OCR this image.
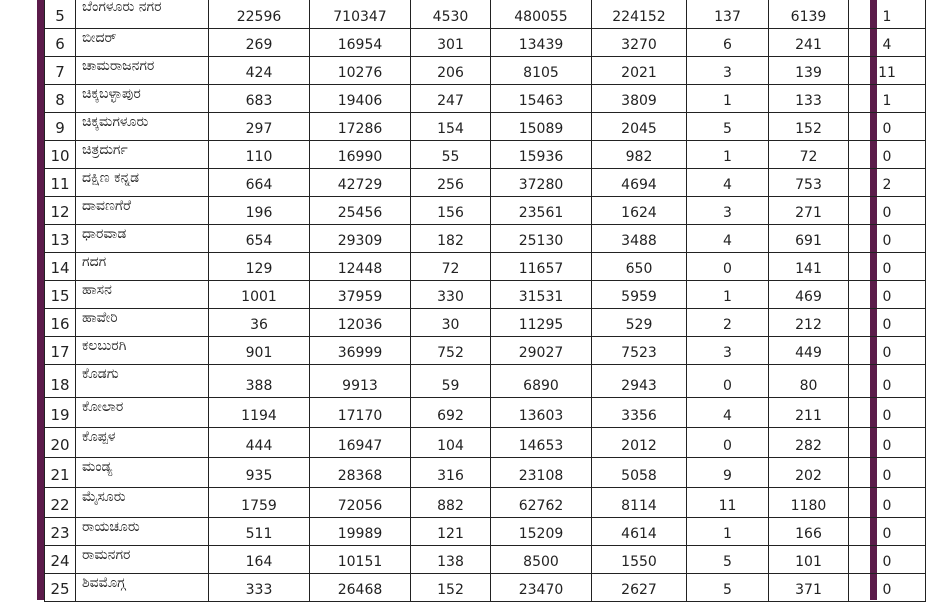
5	ಬೆಂಗಳೂರು ನಗರ	22596	710347	4530	480055	224152	137	6139	1
6	ಬೀದರ್	269	16954	301	13439	3270	6	241	4
7	ಚಾಮರಾಜನಗರ	424	10276	206	8105	2021	3	139	11
8	ಚಿಕ್ಕಬಳ್ಳಾಪುರ	683	19406	247	15463	3809	1	133	1
9	ಚಿಕ್ಕಮಗಳೂರು	297	17286	154	15089	2045	5	152	0
10	ಚಿತ್ರದುರ್ಗ	110	16990	55	15936	982	1	72	0
11	ದಕ್ಷಿಣ ಕನ್ನಡ	664	42729	256	37280	4694	4	753	2
12	ದಾವಣಗೆರೆ	196	25456	156	23561	1624	3	271	0
13	ಧಾರವಾಡ	654	29309	182	25130	3488	4	691	0
14	ಗದಗ	129	12448	72	11657	650	0	141	0
15	ಹಾಸನ	1001	37959	330	31531	5959	1	469	0
16	ಹಾವೇರಿ	36	12036	30	11295	529	2	212	0
17	ಕಲಬುರಗಿ	901	36999	752	29027	7523	3	449	0
18	ಕೊಡಗು	388	9913	59	6890	2943	0	80	0
19	ಕೋಲಾರ	1194	17170	692	13603	3356	4	211	0
20	ಕೊಪ್ಪಳ	444	16947	104	14653	2012	0	282	0
21	ಮಂಡ್ಯ	935	28368	316	23108	5058	9	202	0
22	ಮೈಸೂರು	1759	72056	882	62762	8114	11	1180	0
23	ರಾಯಚೂರು	511	19989	121	15209	4614	1	166	0
24	ರಾಮನಗರ	164	10151	138	8500	1550	5	101	0
25	ಶಿವಮೊಗ್ಗ	333	26468	152	23470	2627	5	371	0
